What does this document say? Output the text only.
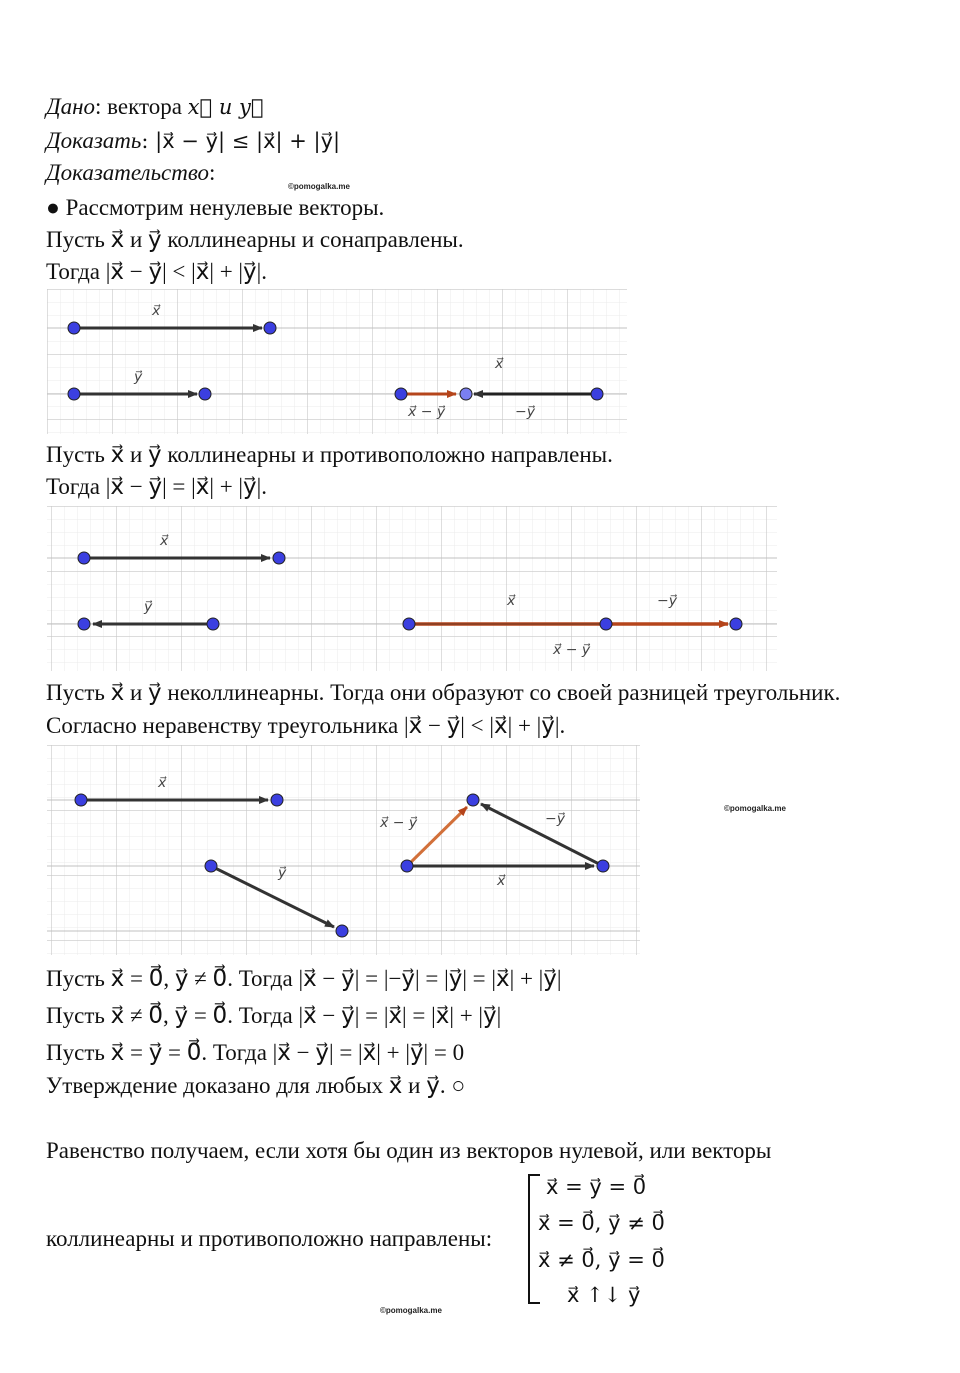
Дано: вектора x⃗ и y⃗
Доказать: |x⃗ − y⃗| ≤ |x⃗| + |y⃗|
Доказательство:
©pomogalka.me
● Рассмотрим ненулевые векторы.
Пусть x⃗ и y⃗ коллинеарны и сонаправлены.
Тогда |x⃗ − y⃗| < |x⃗| + |y⃗|.
x⃗
y⃗
x⃗
x⃗ − y⃗	−y⃗
Пусть x⃗ и y⃗ коллинеарны и противоположно направлены.
Тогда |x⃗ − y⃗| = |x⃗| + |y⃗|.
x⃗
y⃗	x⃗	−y⃗
x⃗ − y⃗
Пусть x⃗ и y⃗ неколлинеарны. Тогда они образуют со своей разницей треугольник.
Согласно неравенству треугольника |x⃗ − y⃗| < |x⃗| + |y⃗|.
x⃗
y⃗
x⃗ − y⃗	−y⃗
x⃗
©pomogalka.me
Пусть x⃗ = 0⃗, y⃗ ≠ 0⃗. Тогда |x⃗ − y⃗| = |−y⃗| = |y⃗| = |x⃗| + |y⃗|
Пусть x⃗ ≠ 0⃗, y⃗ = 0⃗. Тогда |x⃗ − y⃗| = |x⃗| = |x⃗| + |y⃗|
Пусть x⃗ = y⃗ = 0⃗. Тогда |x⃗ − y⃗| = |x⃗| + |y⃗| = 0
Утверждение доказано для любых x⃗ и y⃗. ○
Равенство получаем, если хотя бы один из векторов нулевой, или векторы
коллинеарны и противоположно направлены:
x⃗ = y⃗ = 0⃗
x⃗ = 0⃗, y⃗ ≠ 0⃗
x⃗ ≠ 0⃗, y⃗ = 0⃗
x⃗ ↑↓ y⃗
©pomogalka.me
